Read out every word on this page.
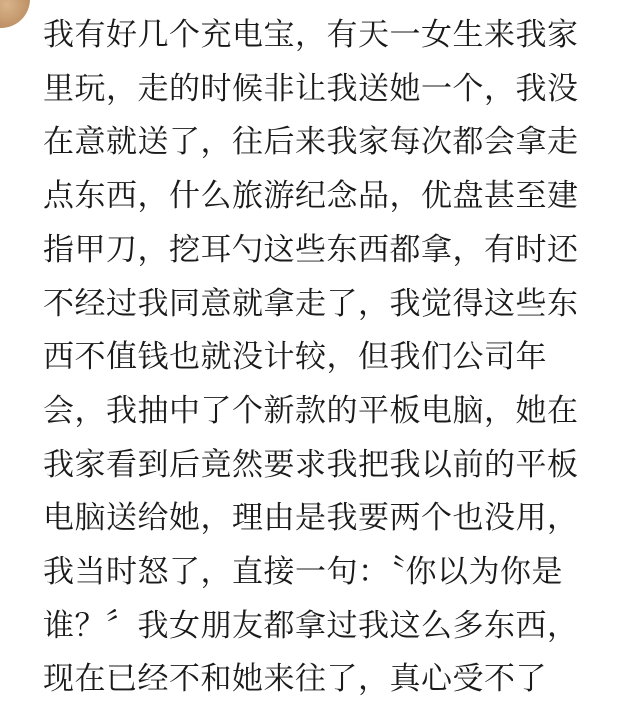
我有好几个充电宝，有天一女生来我家
里玩，走的时候非让我送她一个，我没
在意就送了，往后来我家每次都会拿走
点东西，什么旅游纪念品，优盘甚至建
指甲刀，挖耳勺这些东西都拿，有时还
不经过我同意就拿走了，我觉得这些东
西不值钱也就没计较，但我们公司年
会，我抽中了个新款的平板电脑，她在
我家看到后竟然要求我把我以前的平板
电脑送给她，理由是我要两个也没用，
我当时怒了，直接一句：〝你以为你是
谁？〞我女朋友都拿过我这么多东西，
现在已经不和她来往了，真心受不了
